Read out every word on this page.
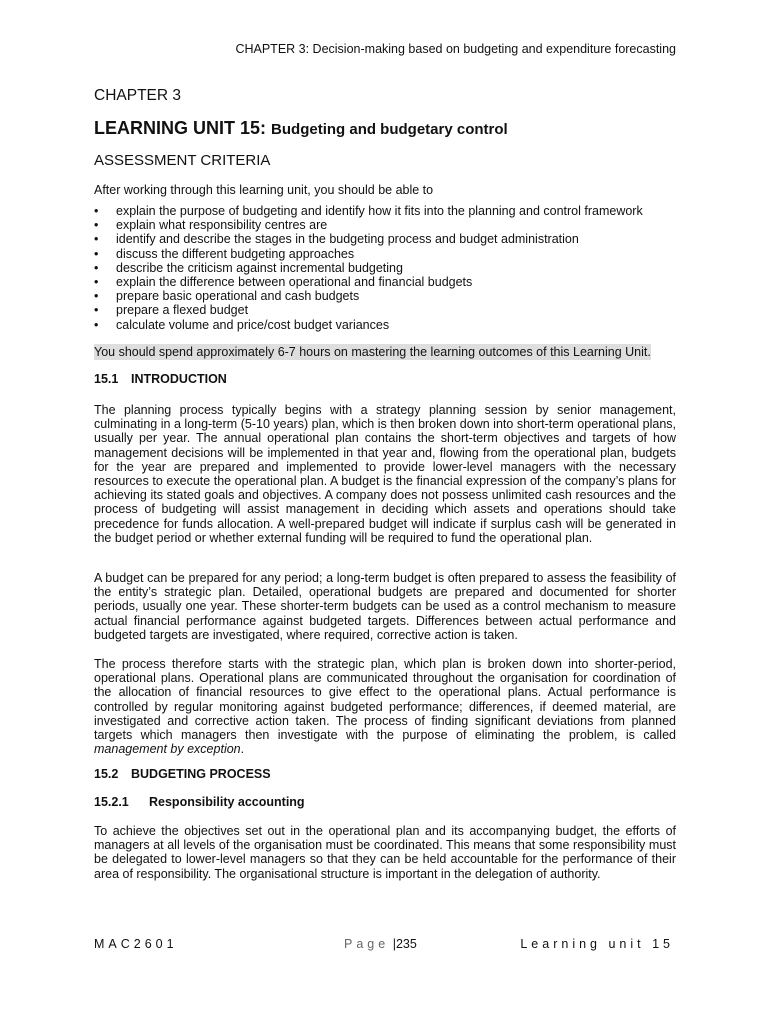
CHAPTER 3: Decision-making based on budgeting and expenditure forecasting
CHAPTER 3
LEARNING UNIT 15: Budgeting and budgetary control
ASSESSMENT CRITERIA
After working through this learning unit, you should be able to
• explain the purpose of budgeting and identify how it fits into the planning and control framework
• explain what responsibility centres are
• identify and describe the stages in the budgeting process and budget administration
• discuss the different budgeting approaches
• describe the criticism against incremental budgeting
• explain the difference between operational and financial budgets
• prepare basic operational and cash budgets
• prepare a flexed budget
• calculate volume and price/cost budget variances
You should spend approximately 6-7 hours on mastering the learning outcomes of this Learning Unit.
15.1 INTRODUCTION
The planning process typically begins with a strategy planning session by senior management, culminating in a long-term (5-10 years) plan, which is then broken down into short-term operational plans, usually per year. The annual operational plan contains the short-term objectives and targets of how management decisions will be implemented in that year and, flowing from the operational plan, budgets for the year are prepared and implemented to provide lower-level managers with the necessary resources to execute the operational plan. A budget is the financial expression of the company’s plans for achieving its stated goals and objectives. A company does not possess unlimited cash resources and the process of budgeting will assist management in deciding which assets and operations should take precedence for funds allocation. A well-prepared budget will indicate if surplus cash will be generated in the budget period or whether external funding will be required to fund the operational plan.
A budget can be prepared for any period; a long-term budget is often prepared to assess the feasibility of the entity’s strategic plan. Detailed, operational budgets are prepared and documented for shorter periods, usually one year. These shorter-term budgets can be used as a control mechanism to measure actual financial performance against budgeted targets. Differences between actual performance and budgeted targets are investigated, where required, corrective action is taken.
The process therefore starts with the strategic plan, which plan is broken down into shorter-period, operational plans. Operational plans are communicated throughout the organisation for coordination of the allocation of financial resources to give effect to the operational plans. Actual performance is controlled by regular monitoring against budgeted performance; differences, if deemed material, are investigated and corrective action taken. The process of finding significant deviations from planned targets which managers then investigate with the purpose of eliminating the problem, is called management by exception.
15.2 BUDGETING PROCESS
15.2.1 Responsibility accounting
To achieve the objectives set out in the operational plan and its accompanying budget, the efforts of managers at all levels of the organisation must be coordinated. This means that some responsibility must be delegated to lower-level managers so that they can be held accountable for the performance of their area of responsibility. The organisational structure is important in the delegation of authority.
MAC2601	Page |235	Learning unit 15
